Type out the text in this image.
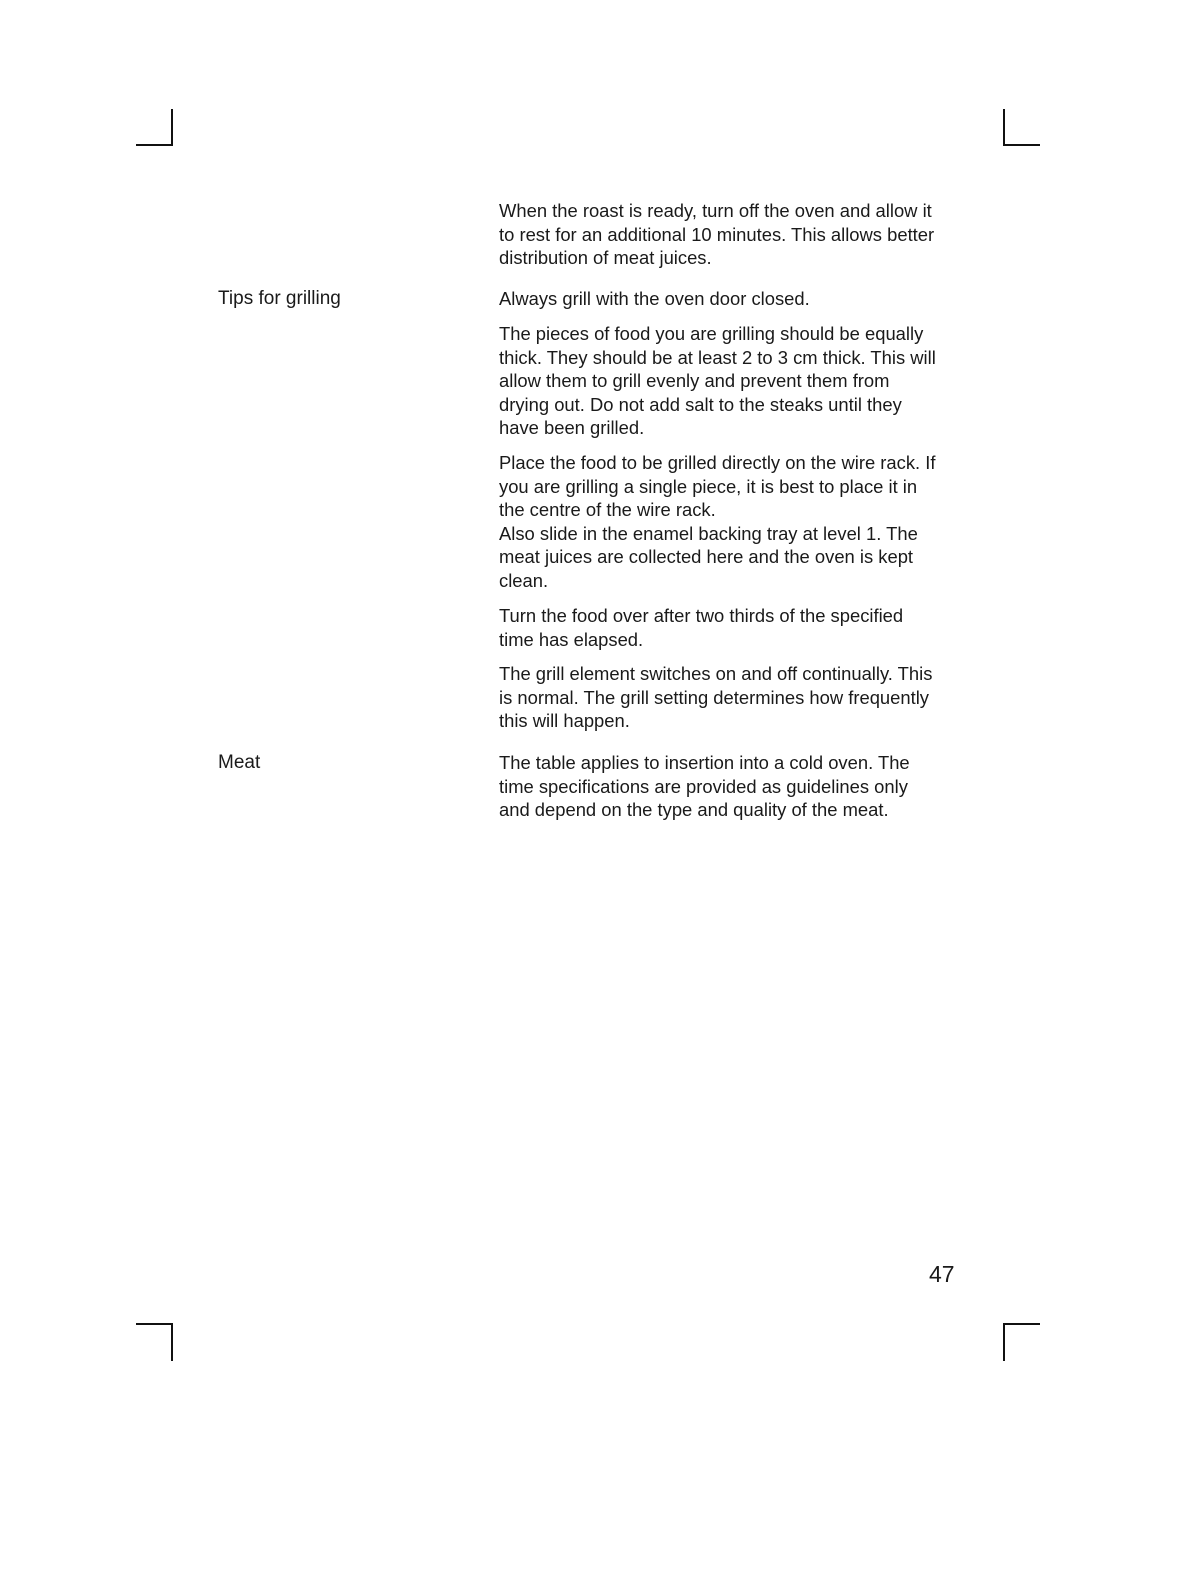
When the roast is ready, turn off the oven and allow it
to rest for an additional 10 minutes. This allows better
distribution of meat juices.

Tips for grilling	Always grill with the oven door closed.

The pieces of food you are grilling should be equally
thick. They should be at least 2 to 3 cm thick. This will
allow them to grill evenly and prevent them from
drying out. Do not add salt to the steaks until they
have been grilled.

Place the food to be grilled directly on the wire rack. If
you are grilling a single piece, it is best to place it in
the centre of the wire rack.
Also slide in the enamel backing tray at level 1. The
meat juices are collected here and the oven is kept
clean.

Turn the food over after two thirds of the specified
time has elapsed.

The grill element switches on and off continually. This
is normal. The grill setting determines how frequently
this will happen.

Meat	The table applies to insertion into a cold oven. The
time specifications are provided as guidelines only
and depend on the type and quality of the meat.

47
